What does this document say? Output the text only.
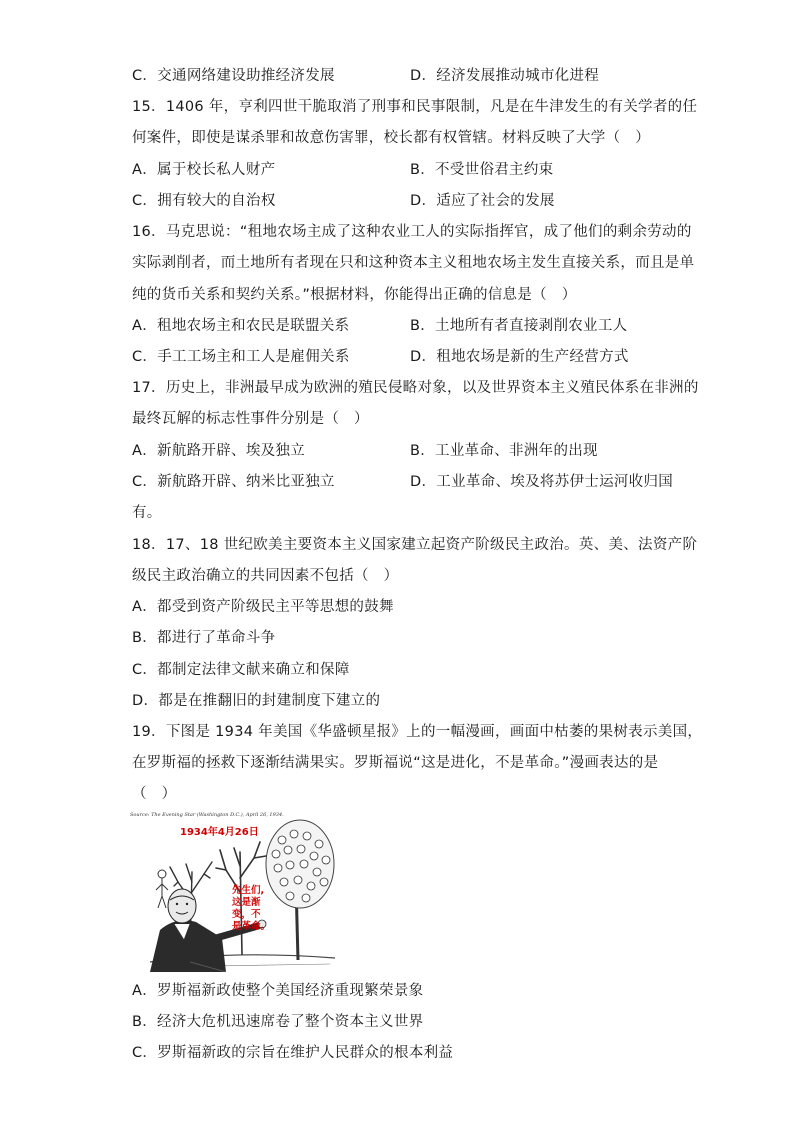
C．交通网络建设助推经济发展	D．经济发展推动城市化进程
15．1406 年，亨利四世干脆取消了刑事和民事限制，凡是在牛津发生的有关学者的任
何案件，即使是谋杀罪和故意伤害罪，校长都有权管辖。材料反映了大学（　）
A．属于校长私人财产	B．不受世俗君主约束
C．拥有较大的自治权	D．适应了社会的发展
16．马克思说：“租地农场主成了这种农业工人的实际指挥官，成了他们的剩余劳动的
实际剥削者，而土地所有者现在只和这种资本主义租地农场主发生直接关系，而且是单
纯的货币关系和契约关系。”根据材料，你能得出正确的信息是（　）
A．租地农场主和农民是联盟关系	B．土地所有者直接剥削农业工人
C．手工工场主和工人是雇佣关系	D．租地农场是新的生产经营方式
17．历史上，非洲最早成为欧洲的殖民侵略对象，以及世界资本主义殖民体系在非洲的
最终瓦解的标志性事件分别是（　）
A．新航路开辟、埃及独立	B．工业革命、非洲年的出现
C．新航路开辟、纳米比亚独立	D．工业革命、埃及将苏伊士运河收归国
有。
18．17、18 世纪欧美主要资本主义国家建立起资产阶级民主政治。英、美、法资产阶
级民主政治确立的共同因素不包括（　）
A．都受到资产阶级民主平等思想的鼓舞
B．都进行了革命斗争
C．都制定法律文献来确立和保障
D．都是在推翻旧的封建制度下建立的
19．下图是 1934 年美国《华盛顿星报》上的一幅漫画，画面中枯萎的果树表示美国，
在罗斯福的拯救下逐渐结满果实。罗斯福说“这是进化，不是革命。”漫画表达的是
（　）
Source: The Evening Star (Washington D.C.), April 26, 1934.
1934年4月26日
先生们,
这是渐
变，不
是革命。
A．罗斯福新政使整个美国经济重现繁荣景象
B．经济大危机迅速席卷了整个资本主义世界
C．罗斯福新政的宗旨在维护人民群众的根本利益
